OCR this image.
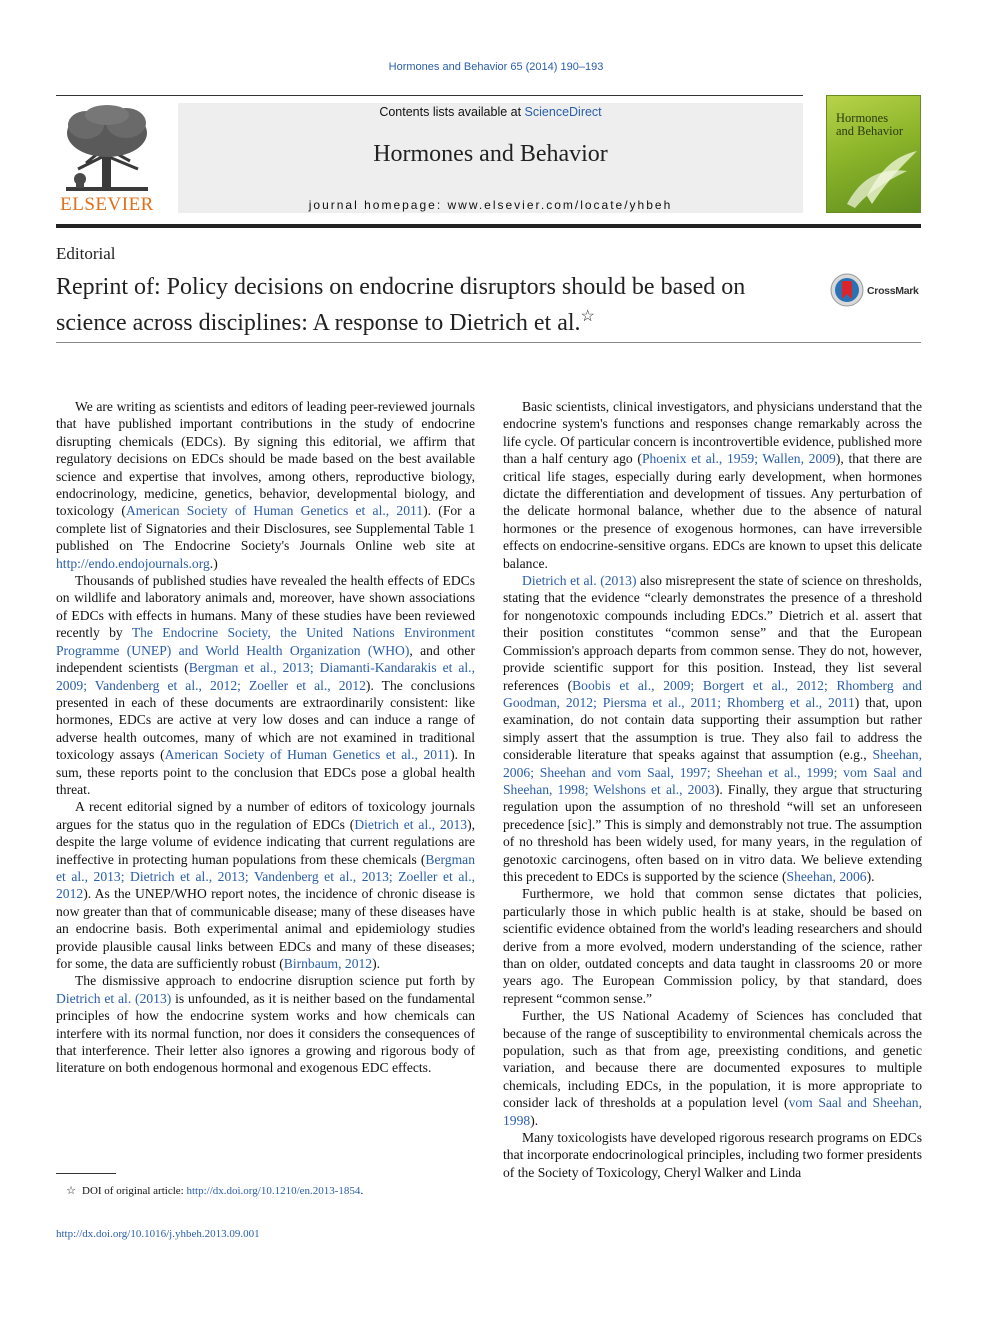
Hormones and Behavior 65 (2014) 190–193
ELSEVIER
Contents lists available at ScienceDirect
Hormones and Behavior
journal homepage: www.elsevier.com/locate/yhbeh
Hormones
and Behavior
Editorial
Reprint of: Policy decisions on endocrine disruptors should be based on science across disciplines: A response to Dietrich et al.☆
CrossMark

We are writing as scientists and editors of leading peer-reviewed journals that have published important contributions in the study of endocrine disrupting chemicals (EDCs). By signing this editorial, we affirm that regulatory decisions on EDCs should be made based on the best available science and expertise that involves, among others, reproductive biology, endocrinology, medicine, genetics, behavior, developmental biology, and toxicology (American Society of Human Genetics et al., 2011). (For a complete list of Signatories and their Disclosures, see Supplemental Table 1 published on The Endocrine Society's Journals Online web site at http://endo.endojournals.org.)

Thousands of published studies have revealed the health effects of EDCs on wildlife and laboratory animals and, moreover, have shown associations of EDCs with effects in humans. Many of these studies have been reviewed recently by The Endocrine Society, the United Nations Environment Programme (UNEP) and World Health Organization (WHO), and other independent scientists (Bergman et al., 2013; Diamanti-Kandarakis et al., 2009; Vandenberg et al., 2012; Zoeller et al., 2012). The conclusions presented in each of these documents are extraordinarily consistent: like hormones, EDCs are active at very low doses and can induce a range of adverse health outcomes, many of which are not examined in traditional toxicology assays (American Society of Human Genetics et al., 2011). In sum, these reports point to the conclusion that EDCs pose a global health threat.

A recent editorial signed by a number of editors of toxicology journals argues for the status quo in the regulation of EDCs (Dietrich et al., 2013), despite the large volume of evidence indicating that current regulations are ineffective in protecting human populations from these chemicals (Bergman et al., 2013; Dietrich et al., 2013; Vandenberg et al., 2013; Zoeller et al., 2012). As the UNEP/WHO report notes, the incidence of chronic disease is now greater than that of communicable disease; many of these diseases have an endocrine basis. Both experimental animal and epidemiology studies provide plausible causal links between EDCs and many of these diseases; for some, the data are sufficiently robust (Birnbaum, 2012).

The dismissive approach to endocrine disruption science put forth by Dietrich et al. (2013) is unfounded, as it is neither based on the fundamental principles of how the endocrine system works and how chemicals can interfere with its normal function, nor does it considers the consequences of that interference. Their letter also ignores a growing and rigorous body of literature on both endogenous hormonal and exogenous EDC effects.

Basic scientists, clinical investigators, and physicians understand that the endocrine system's functions and responses change remarkably across the life cycle. Of particular concern is incontrovertible evidence, published more than a half century ago (Phoenix et al., 1959; Wallen, 2009), that there are critical life stages, especially during early development, when hormones dictate the differentiation and development of tissues. Any perturbation of the delicate hormonal balance, whether due to the absence of natural hormones or the presence of exogenous hormones, can have irreversible effects on endocrine-sensitive organs. EDCs are known to upset this delicate balance.

Dietrich et al. (2013) also misrepresent the state of science on thresholds, stating that the evidence “clearly demonstrates the presence of a threshold for nongenotoxic compounds including EDCs.” Dietrich et al. assert that their position constitutes “common sense” and that the European Commission's approach departs from common sense. They do not, however, provide scientific support for this position. Instead, they list several references (Boobis et al., 2009; Borgert et al., 2012; Rhomberg and Goodman, 2012; Piersma et al., 2011; Rhomberg et al., 2011) that, upon examination, do not contain data supporting their assumption but rather simply assert that the assumption is true. They also fail to address the considerable literature that speaks against that assumption (e.g., Sheehan, 2006; Sheehan and vom Saal, 1997; Sheehan et al., 1999; vom Saal and Sheehan, 1998; Welshons et al., 2003). Finally, they argue that structuring regulation upon the assumption of no threshold “will set an unforeseen precedence [sic].” This is simply and demonstrably not true. The assumption of no threshold has been widely used, for many years, in the regulation of genotoxic carcinogens, often based on in vitro data. We believe extending this precedent to EDCs is supported by the science (Sheehan, 2006).

Furthermore, we hold that common sense dictates that policies, particularly those in which public health is at stake, should be based on scientific evidence obtained from the world's leading researchers and should derive from a more evolved, modern understanding of the science, rather than on older, outdated concepts and data taught in classrooms 20 or more years ago. The European Commission policy, by that standard, does represent “common sense.”

Further, the US National Academy of Sciences has concluded that because of the range of susceptibility to environmental chemicals across the population, such as that from age, preexisting conditions, and genetic variation, and because there are documented exposures to multiple chemicals, including EDCs, in the population, it is more appropriate to consider lack of thresholds at a population level (vom Saal and Sheehan, 1998).

Many toxicologists have developed rigorous research programs on EDCs that incorporate endocrinological principles, including two former presidents of the Society of Toxicology, Cheryl Walker and Linda

☆ DOI of original article: http://dx.doi.org/10.1210/en.2013-1854.
http://dx.doi.org/10.1016/j.yhbeh.2013.09.001
